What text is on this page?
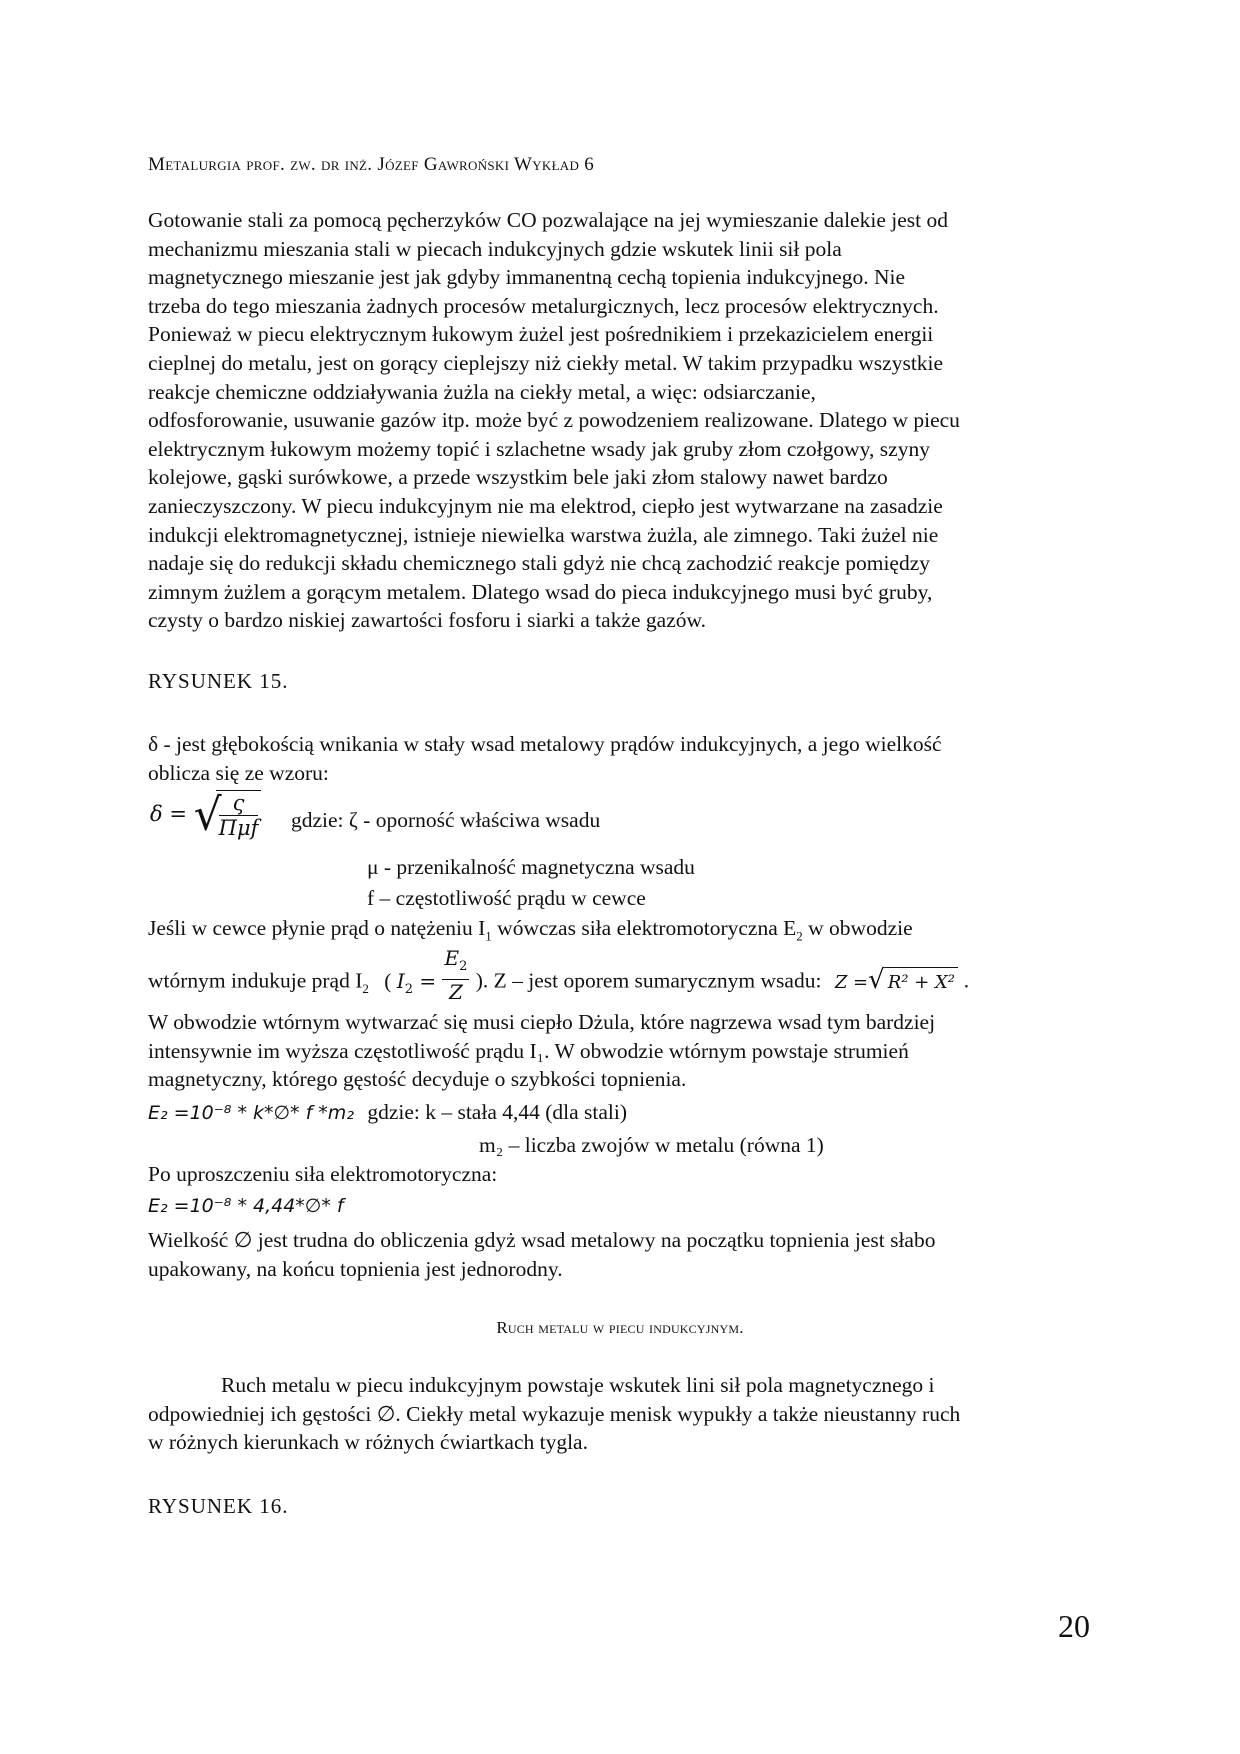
Metalurgia prof. zw. dr inż. Józef Gawroński Wykład 6
Gotowanie stali za pomocą pęcherzyków CO pozwalające na jej wymieszanie dalekie jest od
mechanizmu mieszania stali w piecach indukcyjnych gdzie wskutek linii sił pola
magnetycznego mieszanie jest jak gdyby immanentną cechą topienia indukcyjnego. Nie
trzeba do tego mieszania żadnych procesów metalurgicznych, lecz procesów elektrycznych.
Ponieważ w piecu elektrycznym łukowym żużel jest pośrednikiem i przekazicielem energii
cieplnej do metalu, jest on gorący cieplejszy niż ciekły metal. W takim przypadku wszystkie
reakcje chemiczne oddziaływania żużla na ciekły metal, a więc: odsiarczanie,
odfosforowanie, usuwanie gazów itp. może być z powodzeniem realizowane. Dlatego w piecu
elektrycznym łukowym możemy topić i szlachetne wsady jak gruby złom czołgowy, szyny
kolejowe, gąski surówkowe, a przede wszystkim bele jaki złom stalowy nawet bardzo
zanieczyszczony. W piecu indukcyjnym nie ma elektrod, ciepło jest wytwarzane na zasadzie
indukcji elektromagnetycznej, istnieje niewielka warstwa żużla, ale zimnego. Taki żużel nie
nadaje się do redukcji składu chemicznego stali gdyż nie chcą zachodzić reakcje pomiędzy
zimnym żużlem a gorącym metalem. Dlatego wsad do pieca indukcyjnego musi być gruby,
czysty o bardzo niskiej zawartości fosforu i siarki a także gazów.
RYSUNEK 15.
δ - jest głębokością wnikania w stały wsad metalowy prądów indukcyjnych, a jego wielkość
oblicza się ze wzoru:
δ = √
$\frac{\varsigma}{\text{Πμf}}$ gdzie: ζ - oporność właściwa wsadu
μ - przenikalność magnetyczna wsadu
f – częstotliwość prądu w cewce
Jeśli w cewce płynie prąd o natężeniu $I_1$ wówczas siła elektromotoryczna $E_2$ w obwodzie
wtórnym indukuje prąd $I_2$ ( $I_2 = \frac{E_2}{Z}$ ). Z – jest oporem sumarycznym wsadu: Z =√ R² + X² .
W obwodzie wtórnym wytwarzać się musi ciepło Dżula, które nagrzewa wsad tym bardziej
intensywnie im wyższa częstotliwość prądu I₁. W obwodzie wtórnym powstaje strumień
magnetyczny, którego gęstość decyduje o szybkości topnienia.
E₂ =10⁻⁸ * k*∅* f *m₂ gdzie: k – stała 4,44 (dla stali)
m₂ – liczba zwojów w metalu (równa 1)
Po uproszczeniu siła elektromotoryczna:
E₂ =10⁻⁸ * 4,44*∅* f
Wielkość ∅ jest trudna do obliczenia gdyż wsad metalowy na początku topnienia jest słabo
upakowany, na końcu topnienia jest jednorodny.
Ruch metalu w piecu indukcyjnym.
Ruch metalu w piecu indukcyjnym powstaje wskutek lini sił pola magnetycznego i
odpowiedniej ich gęstości ∅. Ciekły metal wykazuje menisk wypukły a także nieustanny ruch
w różnych kierunkach w różnych ćwiartkach tygla.
RYSUNEK 16.
20
